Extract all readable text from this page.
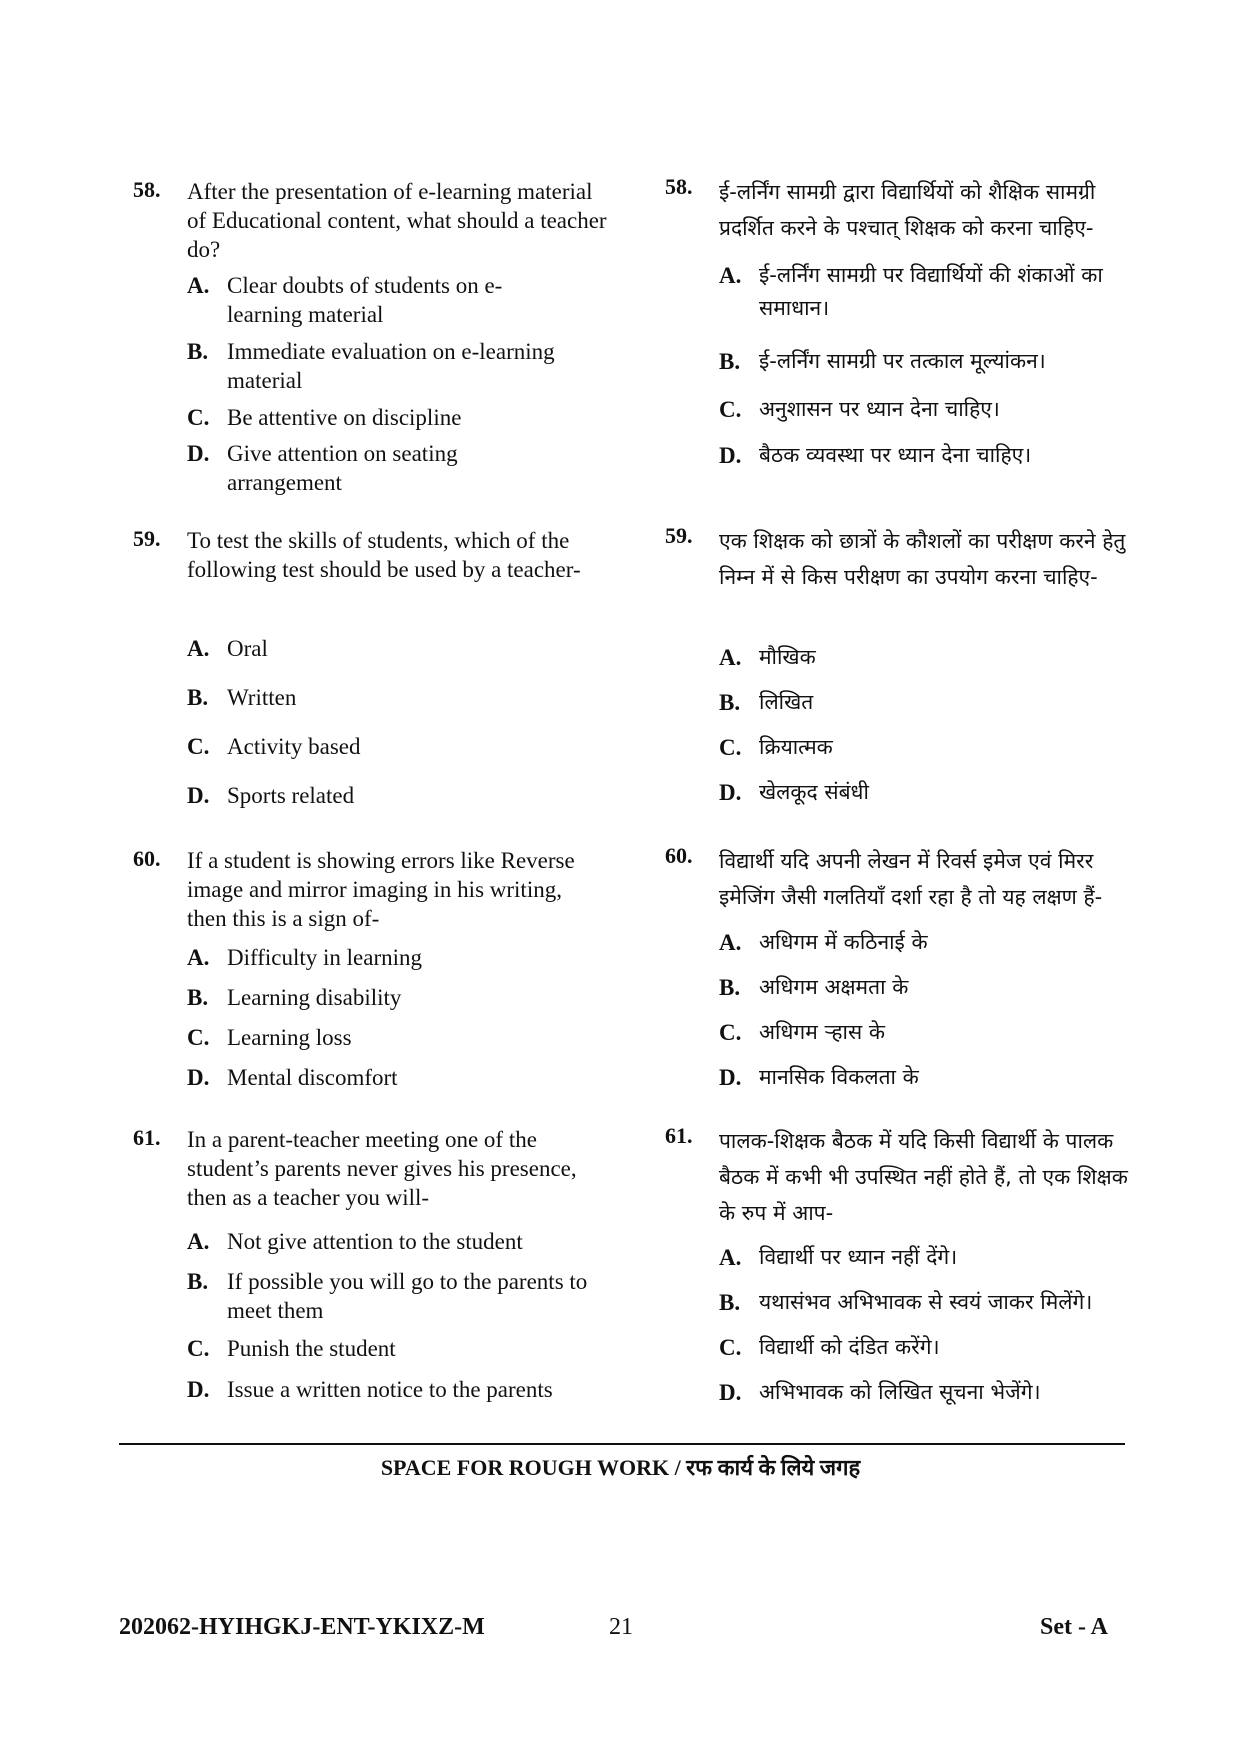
58. After the presentation of e-learning material of Educational content, what should a teacher do?
A. Clear doubts of students on e-learning material
B. Immediate evaluation on e-learning material
C. Be attentive on discipline
D. Give attention on seating arrangement
59. To test the skills of students, which of the following test should be used by a teacher-
A. Oral
B. Written
C. Activity based
D. Sports related
60. If a student is showing errors like Reverse image and mirror imaging in his writing, then this is a sign of-
A. Difficulty in learning
B. Learning disability
C. Learning loss
D. Mental discomfort
61. In a parent-teacher meeting one of the student’s parents never gives his presence, then as a teacher you will-
A. Not give attention to the student
B. If possible you will go to the parents to meet them
C. Punish the student
D. Issue a written notice to the parents
58. ई-लर्निंग सामग्री द्वारा विद्यार्थियों को शैक्षिक सामग्री प्रदर्शित करने के पश्चात् शिक्षक को करना चाहिए-
A. ई-लर्निंग सामग्री पर विद्यार्थियों की शंकाओं का समाधान।
B. ई-लर्निंग सामग्री पर तत्काल मूल्यांकन।
C. अनुशासन पर ध्यान देना चाहिए।
D. बैठक व्यवस्था पर ध्यान देना चाहिए।
59. एक शिक्षक को छात्रों के कौशलों का परीक्षण करने हेतु निम्न में से किस परीक्षण का उपयोग करना चाहिए-
A. मौखिक
B. लिखित
C. क्रियात्मक
D. खेलकूद संबंधी
60. विद्यार्थी यदि अपनी लेखन में रिवर्स इमेज एवं मिरर इमेजिंग जैसी गलतियाँ दर्शा रहा है तो यह लक्षण हैं-
A. अधिगम में कठिनाई के
B. अधिगम अक्षमता के
C. अधिगम ऱ्हास के
D. मानसिक विकलता के
61. पालक-शिक्षक बैठक में यदि किसी विद्यार्थी के पालक बैठक में कभी भी उपस्थित नहीं होते हैं, तो एक शिक्षक के रुप में आप-
A. विद्यार्थी पर ध्यान नहीं देंगे।
B. यथासंभव अभिभावक से स्वयं जाकर मिलेंगे।
C. विद्यार्थी को दंडित करेंगे।
D. अभिभावक को लिखित सूचना भेजेंगे।
SPACE FOR ROUGH WORK / रफ कार्य के लिये जगह
202062-HYIHGKJ-ENT-YKIXZ-M	21	Set - A
